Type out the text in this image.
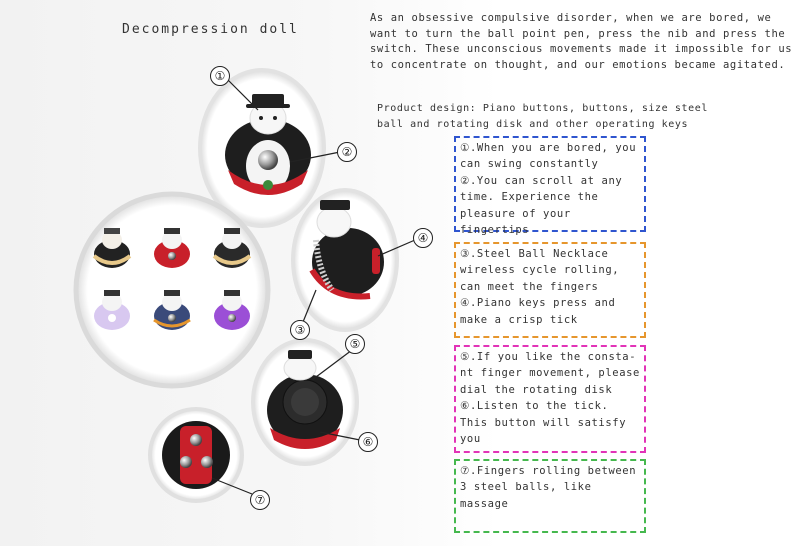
Decompression doll
As an obsessive compulsive disorder, when we are bored, we want to turn the ball point pen, press the nib and press the switch. These unconscious movements made it impossible for us to concentrate on thought, and our emotions became agitated.
Product design: Piano buttons, buttons, size steel ball and rotating disk and other operating keys

①.When you are bored, you can swing constantly

②.You can scroll at any time. Experience the pleasure of your fingertips

③.Steel Ball Necklace wireless cycle rolling, can meet the fingers

④.Piano keys press and make a crisp tick

⑤.If you like the consta-nt finger movement, please dial the rotating disk

⑥.Listen to the tick. This button will satisfy you

⑦.Fingers rolling between 3 steel balls, like massage

①
②
③
④
⑤
⑥
⑦
